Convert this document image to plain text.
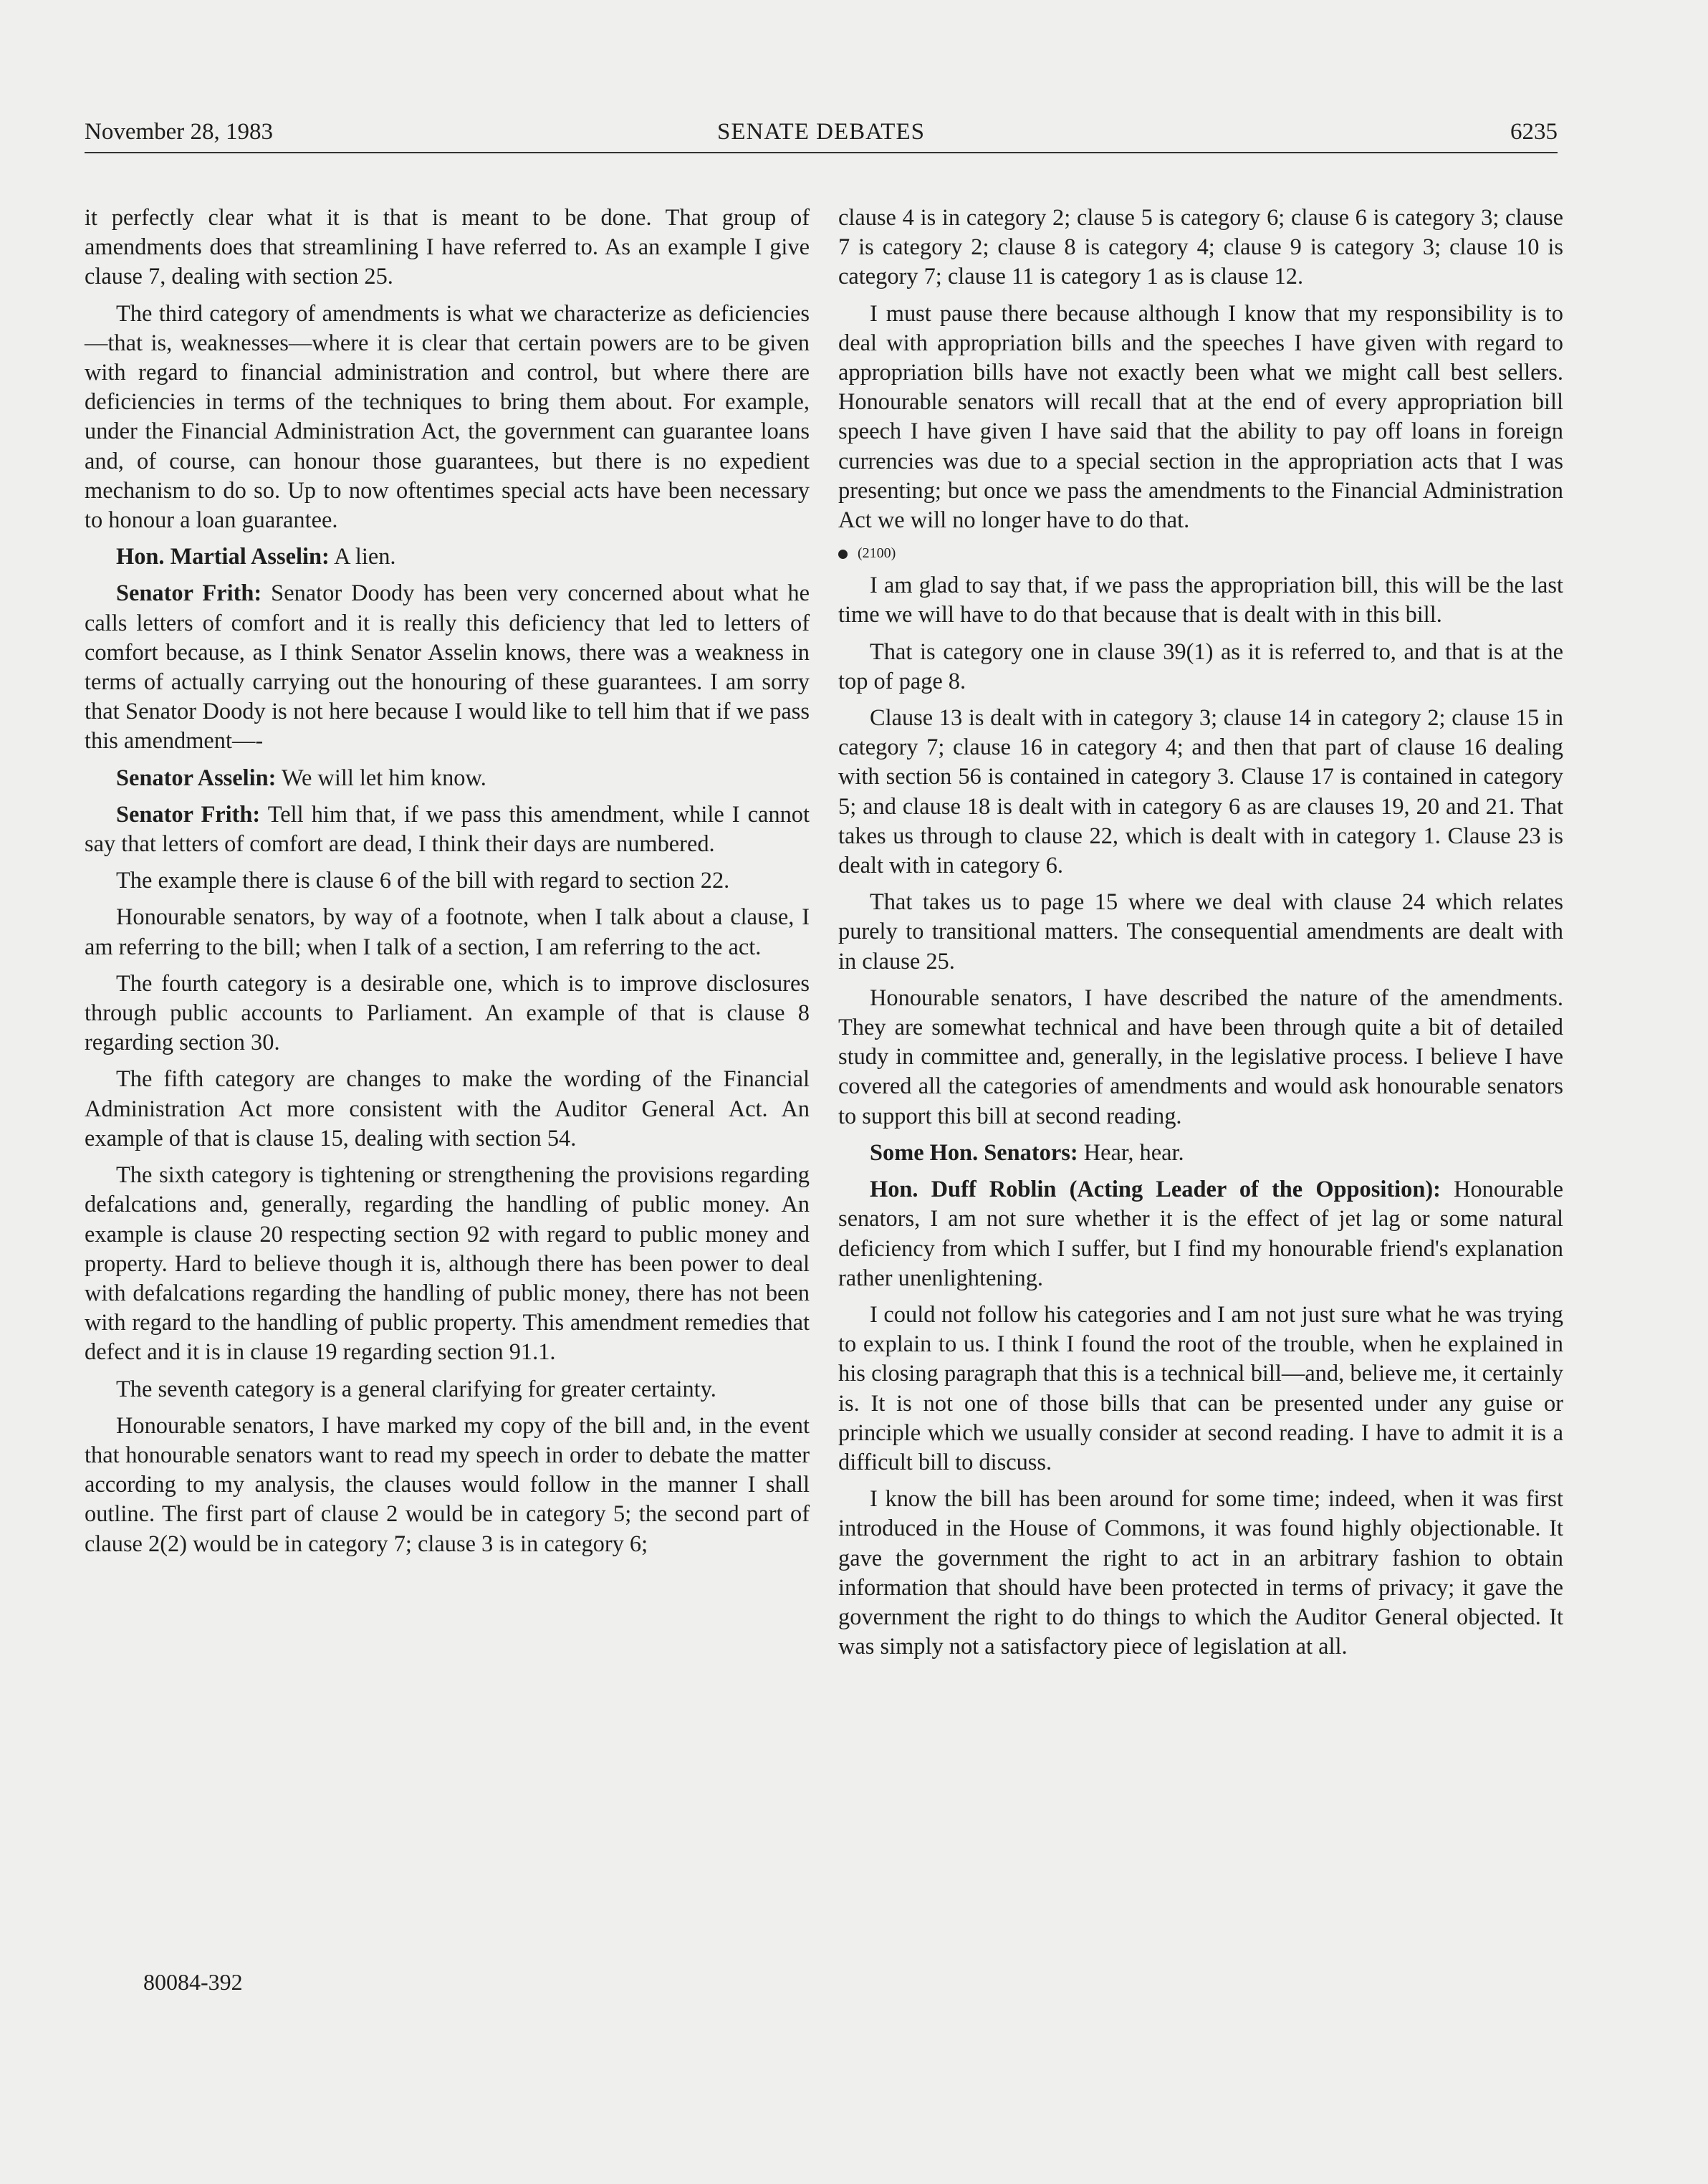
November 28, 1983	SENATE DEBATES	6235

it perfectly clear what it is that is meant to be done. That group of amendments does that streamlining I have referred to. As an example I give clause 7, dealing with section 25.

The third category of amendments is what we characterize as deficiencies—that is, weaknesses—where it is clear that certain powers are to be given with regard to financial administration and control, but where there are deficiencies in terms of the techniques to bring them about. For example, under the Financial Administration Act, the government can guarantee loans and, of course, can honour those guarantees, but there is no expedient mechanism to do so. Up to now oftentimes special acts have been necessary to honour a loan guarantee.

Hon. Martial Asselin: A lien.

Senator Frith: Senator Doody has been very concerned about what he calls letters of comfort and it is really this deficiency that led to letters of comfort because, as I think Senator Asselin knows, there was a weakness in terms of actually carrying out the honouring of these guarantees. I am sorry that Senator Doody is not here because I would like to tell him that if we pass this amendment—-

Senator Asselin: We will let him know.

Senator Frith: Tell him that, if we pass this amendment, while I cannot say that letters of comfort are dead, I think their days are numbered.

The example there is clause 6 of the bill with regard to section 22.

Honourable senators, by way of a footnote, when I talk about a clause, I am referring to the bill; when I talk of a section, I am referring to the act.

The fourth category is a desirable one, which is to improve disclosures through public accounts to Parliament. An example of that is clause 8 regarding section 30.

The fifth category are changes to make the wording of the Financial Administration Act more consistent with the Auditor General Act. An example of that is clause 15, dealing with section 54.

The sixth category is tightening or strengthening the provisions regarding defalcations and, generally, regarding the handling of public money. An example is clause 20 respecting section 92 with regard to public money and property. Hard to believe though it is, although there has been power to deal with defalcations regarding the handling of public money, there has not been with regard to the handling of public property. This amendment remedies that defect and it is in clause 19 regarding section 91.1.

The seventh category is a general clarifying for greater certainty.

Honourable senators, I have marked my copy of the bill and, in the event that honourable senators want to read my speech in order to debate the matter according to my analysis, the clauses would follow in the manner I shall outline. The first part of clause 2 would be in category 5; the second part of clause 2(2) would be in category 7; clause 3 is in category 6;

clause 4 is in category 2; clause 5 is category 6; clause 6 is category 3; clause 7 is category 2; clause 8 is category 4; clause 9 is category 3; clause 10 is category 7; clause 11 is category 1 as is clause 12.

I must pause there because although I know that my responsibility is to deal with appropriation bills and the speeches I have given with regard to appropriation bills have not exactly been what we might call best sellers. Honourable senators will recall that at the end of every appropriation bill speech I have given I have said that the ability to pay off loans in foreign currencies was due to a special section in the appropriation acts that I was presenting; but once we pass the amendments to the Financial Administration Act we will no longer have to do that.

(2100)

I am glad to say that, if we pass the appropriation bill, this will be the last time we will have to do that because that is dealt with in this bill.

That is category one in clause 39(1) as it is referred to, and that is at the top of page 8.

Clause 13 is dealt with in category 3; clause 14 in category 2; clause 15 in category 7; clause 16 in category 4; and then that part of clause 16 dealing with section 56 is contained in category 3. Clause 17 is contained in category 5; and clause 18 is dealt with in category 6 as are clauses 19, 20 and 21. That takes us through to clause 22, which is dealt with in category 1. Clause 23 is dealt with in category 6.

That takes us to page 15 where we deal with clause 24 which relates purely to transitional matters. The consequential amendments are dealt with in clause 25.

Honourable senators, I have described the nature of the amendments. They are somewhat technical and have been through quite a bit of detailed study in committee and, generally, in the legislative process. I believe I have covered all the categories of amendments and would ask honourable senators to support this bill at second reading.

Some Hon. Senators: Hear, hear.

Hon. Duff Roblin (Acting Leader of the Opposition): Honourable senators, I am not sure whether it is the effect of jet lag or some natural deficiency from which I suffer, but I find my honourable friend's explanation rather unenlightening.

I could not follow his categories and I am not just sure what he was trying to explain to us. I think I found the root of the trouble, when he explained in his closing paragraph that this is a technical bill—and, believe me, it certainly is. It is not one of those bills that can be presented under any guise or principle which we usually consider at second reading. I have to admit it is a difficult bill to discuss.

I know the bill has been around for some time; indeed, when it was first introduced in the House of Commons, it was found highly objectionable. It gave the government the right to act in an arbitrary fashion to obtain information that should have been protected in terms of privacy; it gave the government the right to do things to which the Auditor General objected. It was simply not a satisfactory piece of legislation at all.

80084-392
